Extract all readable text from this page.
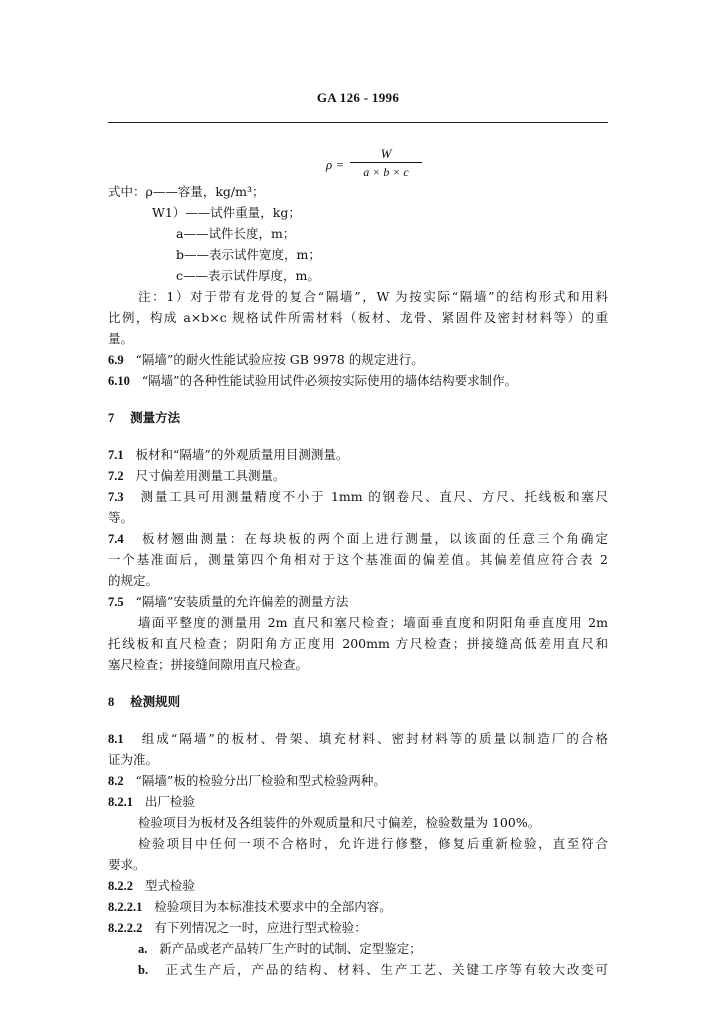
GA 126 - 1996
ρ =
W
a × b × c
式中：ρ——容量，kg/m³；
W1）——试件重量，kg；
a——试件长度，m；
b——表示试件宽度，m；
c——表示试件厚度，m。
注：1）对于带有龙骨的复合“隔墙”，W 为按实际“隔墙”的结构形式和用料
比例，构成 a×b×c 规格试件所需材料（板材、龙骨、紧固件及密封材料等）的重
量。
6.9 “隔墙”的耐火性能试验应按 GB 9978 的规定进行。
6.10 “隔墙”的各种性能试验用试件必须按实际使用的墙体结构要求制作。
7 测量方法
7.1 板材和“隔墙”的外观质量用目测测量。
7.2 尺寸偏差用测量工具测量。
7.3 测量工具可用测量精度不小于 1mm 的钢卷尺、直尺、方尺、托线板和塞尺
等。
7.4 板材翘曲测量：在每块板的两个面上进行测量，以该面的任意三个角确定
一个基准面后，测量第四个角相对于这个基准面的偏差值。其偏差值应符合表 2
的规定。
7.5 “隔墙”安装质量的允许偏差的测量方法
墙面平整度的测量用 2m 直尺和塞尺检查；墙面垂直度和阴阳角垂直度用 2m
托线板和直尺检查；阴阳角方正度用 200mm 方尺检查；拼接缝高低差用直尺和
塞尺检查；拼接缝间隙用直尺检查。
8 检测规则
8.1 组成“隔墙”的板材、骨架、填充材料、密封材料等的质量以制造厂的合格
证为准。
8.2 “隔墙”板的检验分出厂检验和型式检验两种。
8.2.1 出厂检验
检验项目为板材及各组装件的外观质量和尺寸偏差，检验数量为 100%。
检验项目中任何一项不合格时，允许进行修整，修复后重新检验，直至符合
要求。
8.2.2 型式检验
8.2.2.1 检验项目为本标准技术要求中的全部内容。
8.2.2.2 有下列情况之一时，应进行型式检验：
a. 新产品或老产品转厂生产时的试制、定型鉴定；
b. 正式生产后，产品的结构、材料、生产工艺、关键工序等有较大改变可
